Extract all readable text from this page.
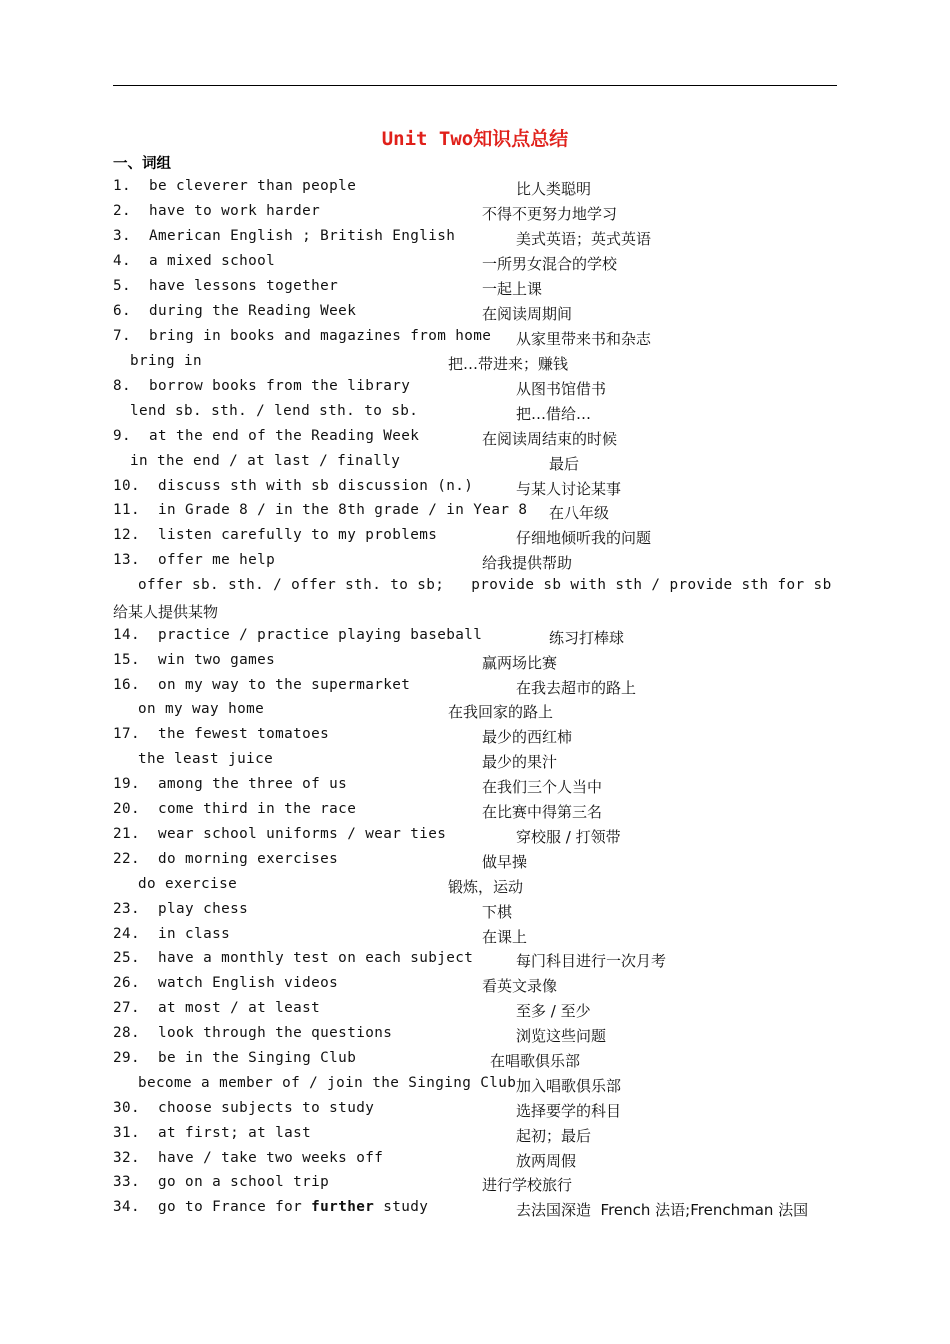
Unit Two知识点总结
一、词组
1.  be cleverer than people	比人类聪明
2.  have to work harder	不得不更努力地学习
3.  American English ; British English	美式英语；英式英语
4.  a mixed school	一所男女混合的学校
5.  have lessons together	一起上课
6.  during the Reading Week	在阅读周期间
7.  bring in books and magazines from home 从家里带来书和杂志
bring in	把…带进来；赚钱
8.  borrow books from the library	从图书馆借书
lend sb. sth. / lend sth. to sb.	把…借给…
9.  at the end of the Reading Week	在阅读周结束的时候
in the end / at last / finally	最后
10.  discuss sth with sb discussion (n.)	与某人讨论某事
11.  in Grade 8 / in the 8th grade / in Year 8 在八年级
12.  listen carefully to my problems	仔细地倾听我的问题
13.  offer me help	给我提供帮助
offer sb. sth. / offer sth. to sb;   provide sb with sth / provide sth for sb
给某人提供某物
14.  practice / practice playing baseball	练习打棒球
15.  win two games	赢两场比赛
16.  on my way to the supermarket	在我去超市的路上
on my way home	在我回家的路上
17.  the fewest tomatoes	最少的西红柿
the least juice	最少的果汁
19.  among the three of us	在我们三个人当中
20.  come third in the race	在比赛中得第三名
21.  wear school uniforms / wear ties	穿校服 / 打领带
22.  do morning exercises	做早操
do exercise	锻炼，运动
23.  play chess	下棋
24.  in class	在课上
25.  have a monthly test on each subject	每门科目进行一次月考
26.  watch English videos	看英文录像
27.  at most / at least	至多 / 至少
28.  look through the questions	浏览这些问题
29.  be in the Singing Club	在唱歌俱乐部
become a member of / join the Singing Club 加入唱歌俱乐部
30.  choose subjects to study	选择要学的科目
31.  at first; at last	起初；最后
32.  have / take two weeks off	放两周假
33.  go on a school trip	进行学校旅行
34.  go to France for further study	去法国深造  French 法语;Frenchman 法国
